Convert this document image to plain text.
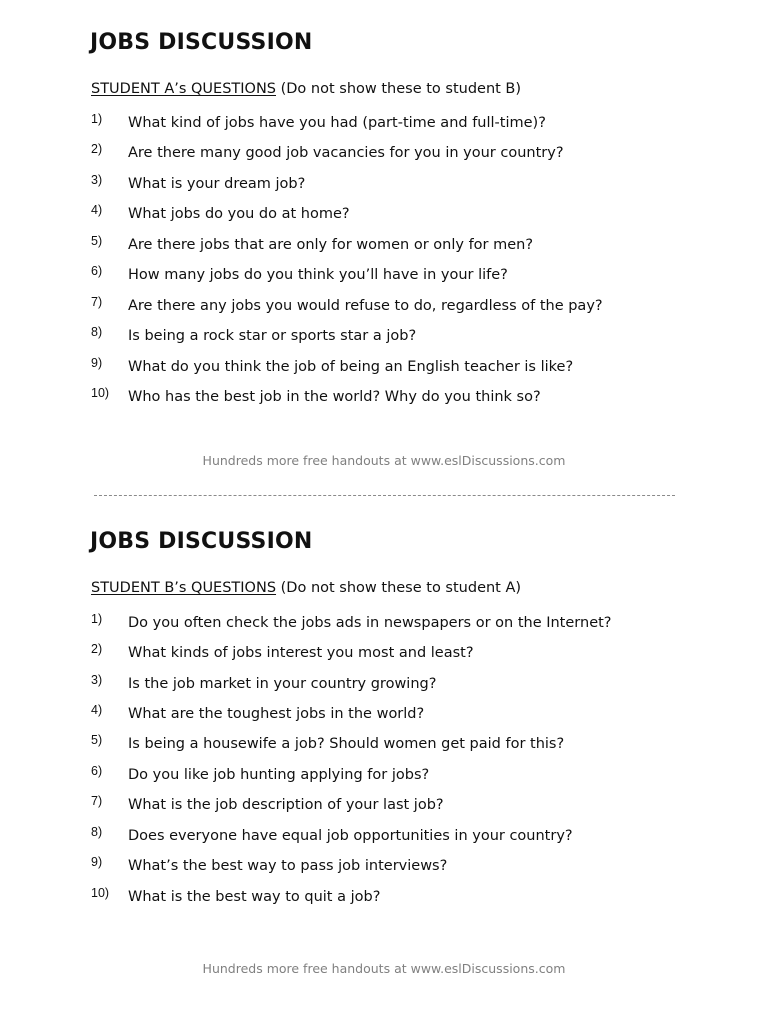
JOBS DISCUSSION

STUDENT A’s QUESTIONS (Do not show these to student B)

1) What kind of jobs have you had (part-time and full-time)?
2) Are there many good job vacancies for you in your country?
3) What is your dream job?
4) What jobs do you do at home?
5) Are there jobs that are only for women or only for men?
6) How many jobs do you think you’ll have in your life?
7) Are there any jobs you would refuse to do, regardless of the pay?
8) Is being a rock star or sports star a job?
9) What do you think the job of being an English teacher is like?
10) Who has the best job in the world? Why do you think so?
Hundreds more free handouts at www.eslDiscussions.com
JOBS DISCUSSION

STUDENT B’s QUESTIONS (Do not show these to student A)

1) Do you often check the jobs ads in newspapers or on the Internet?
2) What kinds of jobs interest you most and least?
3) Is the job market in your country growing?
4) What are the toughest jobs in the world?
5) Is being a housewife a job? Should women get paid for this?
6) Do you like job hunting applying for jobs?
7) What is the job description of your last job?
8) Does everyone have equal job opportunities in your country?
9) What’s the best way to pass job interviews?
10) What is the best way to quit a job?
Hundreds more free handouts at www.eslDiscussions.com
